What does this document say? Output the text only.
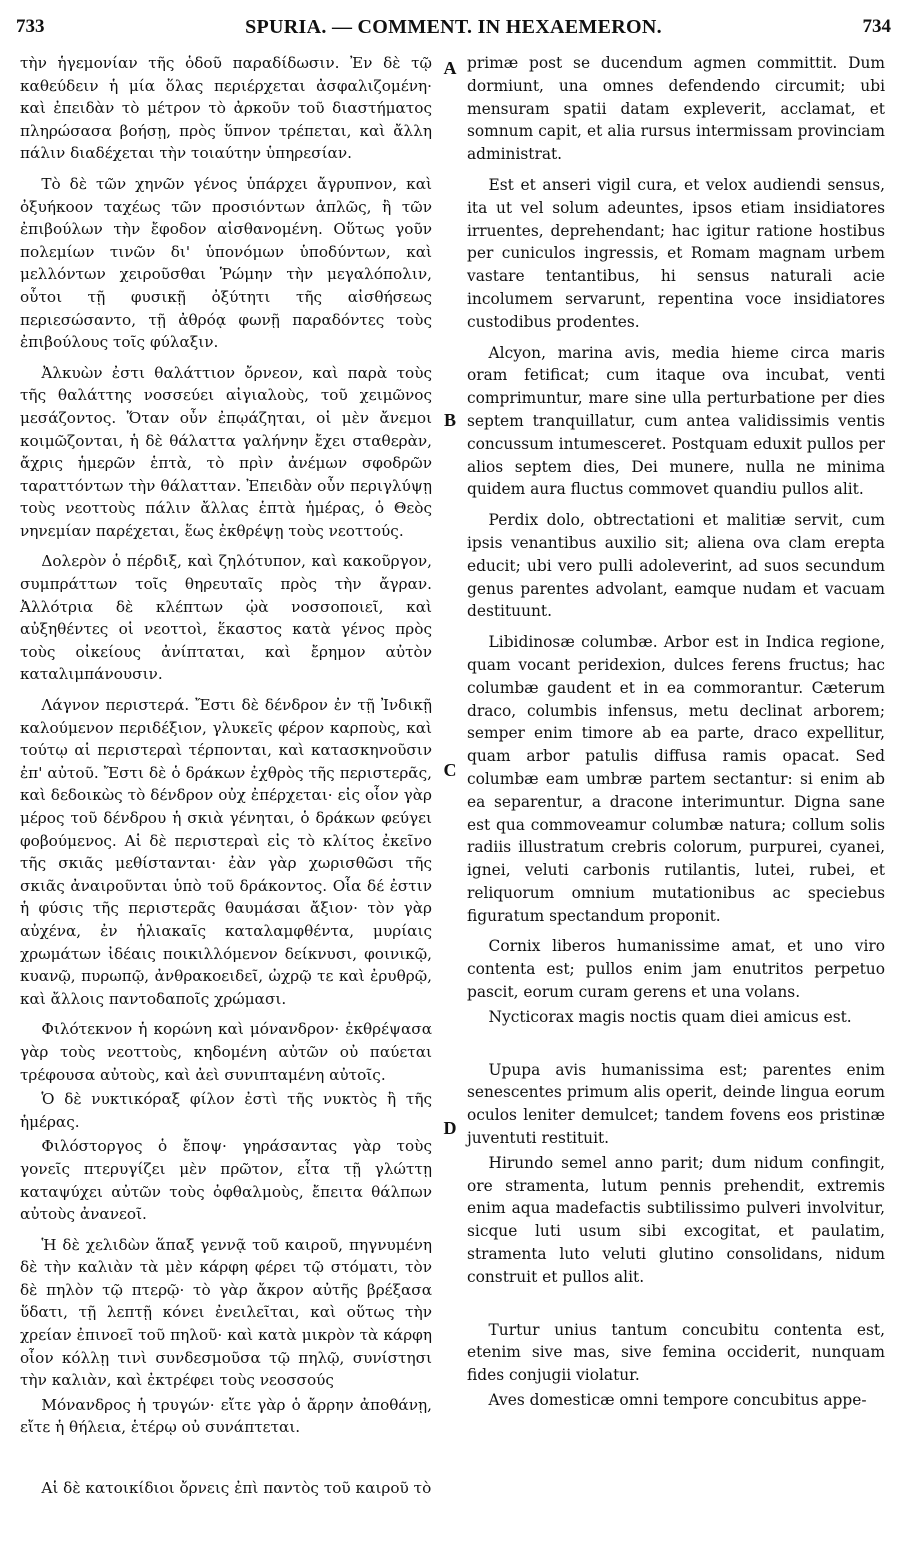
733	SPURIA. — COMMENT. IN HEXAEMERON.	734

τὴν ἡγεμονίαν τῆς ὁδοῦ παραδίδωσιν. Ἐν δὲ τῷ καθεύδειν ἡ μία ὅλας περιέρχεται ἀσφαλιζομένη· καὶ ἐπειδὰν τὸ μέτρον τὸ ἀρκοῦν τοῦ διαστήματος πληρώσασα βοήσῃ, πρὸς ὕπνον τρέπεται, καὶ ἄλλη πάλιν διαδέχεται τὴν τοιαύτην ὑπηρεσίαν.

Τὸ δὲ τῶν χηνῶν γένος ὑπάρχει ἄγρυπνον, καὶ ὀξυήκοον ταχέως τῶν προσιόντων ἁπλῶς, ἢ τῶν ἐπιβούλων τὴν ἔφοδον αἰσθανομένη. Οὕτως γοῦν πολεμίων τινῶν δι' ὑπονόμων ὑποδύντων, καὶ μελλόντων χειροῦσθαι Ῥώμην τὴν μεγαλόπολιν, οὗτοι τῇ φυσικῇ ὀξύτητι τῆς αἰσθήσεως περιεσώσαντο, τῇ ἀθρόᾳ φωνῇ παραδόντες τοὺς ἐπιβούλους τοῖς φύλαξιν.

Ἀλκυὼν ἐστι θαλάττιον ὄρνεον, καὶ παρὰ τοὺς τῆς θαλάττης νοσσεύει αἰγιαλοὺς, τοῦ χειμῶνος μεσάζοντος. Ὅταν οὖν ἐπῳάζηται, οἱ μὲν ἄνεμοι κοιμῶζονται, ἡ δὲ θάλαττα γαλήνην ἔχει σταθερὰν, ἄχρις ἡμερῶν ἑπτὰ, τὸ πρὶν ἀνέμων σφοδρῶν ταραττόντων τὴν θάλατταν. Ἐπειδὰν οὖν περιγλύψῃ τοὺς νεοττοὺς πάλιν ἄλλας ἑπτὰ ἡμέρας, ὁ Θεὸς νηνεμίαν παρέχεται, ἕως ἐκθρέψῃ τοὺς νεοττούς.

Δολερὸν ὁ πέρδιξ, καὶ ζηλότυπον, καὶ κακοῦργον, συμπράττων τοῖς θηρευταῖς πρὸς τὴν ἄγραν. Ἀλλότρια δὲ κλέπτων ᾠὰ νοσσοποιεῖ, καὶ αὐξηθέντες οἱ νεοττοὶ, ἕκαστος κατὰ γένος πρὸς τοὺς οἰκείους ἀνίπταται, καὶ ἔρημον αὐτὸν καταλιμπάνουσιν.

Λάγνον περιστερά. Ἔστι δὲ δένδρον ἐν τῇ Ἰνδικῇ καλούμενον περιδέξιον, γλυκεῖς φέρον καρποὺς, καὶ τούτῳ αἱ περιστεραὶ τέρπονται, καὶ κατασκηνοῦσιν ἐπ' αὐτοῦ. Ἔστι δὲ ὁ δράκων ἐχθρὸς τῆς περιστερᾶς, καὶ δεδοικὼς τὸ δένδρον οὐχ ἐπέρχεται· εἰς οἷον γὰρ μέρος τοῦ δένδρου ἡ σκιὰ γένηται, ὁ δράκων φεύγει φοβούμενος. Αἱ δὲ περιστεραὶ εἰς τὸ κλίτος ἐκεῖνο τῆς σκιᾶς μεθίστανται· ἐὰν γὰρ χωρισθῶσι τῆς σκιᾶς ἀναιροῦνται ὑπὸ τοῦ δράκοντος. Οἷα δέ ἐστιν ἡ φύσις τῆς περιστερᾶς θαυμάσαι ἄξιον· τὸν γὰρ αὐχένα, ἐν ἡλιακαῖς καταλαμφθέντα, μυρίαις χρωμάτων ἰδέαις ποικιλλόμενον δείκνυσι, φοινικῷ, κυανῷ, πυρωπῷ, ἀνθρακοειδεῖ, ὠχρῷ τε καὶ ἐρυθρῷ, καὶ ἄλλοις παντοδαποῖς χρώμασι.

Φιλότεκνον ἡ κορώνη καὶ μόνανδρον· ἐκθρέψασα γὰρ τοὺς νεοττοὺς, κηδομένη αὐτῶν οὐ παύεται τρέφουσα αὐτοὺς, καὶ ἀεὶ συνιπταμένη αὐτοῖς.

Ὁ δὲ νυκτικόραξ φίλον ἐστὶ τῆς νυκτὸς ἢ τῆς ἡμέρας.

Φιλόστοργος ὁ ἔποψ· γηράσαντας γὰρ τοὺς γονεῖς πτερυγίζει μὲν πρῶτον, εἶτα τῇ γλώττῃ καταψύχει αὐτῶν τοὺς ὀφθαλμοὺς, ἔπειτα θάλπων αὐτοὺς ἀνανεοῖ.

Ἡ δὲ χελιδὼν ἅπαξ γεννᾷ τοῦ καιροῦ, πηγνυμένη δὲ τὴν καλιὰν τὰ μὲν κάρφη φέρει τῷ στόματι, τὸν δὲ πηλὸν τῷ πτερῷ· τὸ γὰρ ἄκρον αὐτῆς βρέξασα ὕδατι, τῇ λεπτῇ κόνει ἐνειλεῖται, καὶ οὕτως τὴν χρείαν ἐπινοεῖ τοῦ πηλοῦ· καὶ κατὰ μικρὸν τὰ κάρφη οἷον κόλλῃ τινὶ συνδεσμοῦσα τῷ πηλῷ, συνίστησι τὴν καλιὰν, καὶ ἐκτρέφει τοὺς νεοσσούς

Μόνανδρος ἡ τρυγών· εἴτε γὰρ ὁ ἄρρην ἀποθάνῃ, εἴτε ἡ θήλεια, ἑτέρῳ οὐ συνάπτεται.

Αἱ δὲ κατοικίδιοι ὄρνεις ἐπὶ παντὸς τοῦ καιροῦ τὸ

A
B
C
D

primæ post se ducendum agmen committit. Dum dormiunt, una omnes defendendo circumit; ubi mensuram spatii datam expleverit, acclamat, et somnum capit, et alia rursus intermissam provinciam administrat.

Est et anseri vigil cura, et velox audiendi sensus, ita ut vel solum adeuntes, ipsos etiam insidiatores irruentes, deprehendant; hac igitur ratione hostibus per cuniculos ingressis, et Romam magnam urbem vastare tentantibus, hi sensus naturali acie incolumem servarunt, repentina voce insidiatores custodibus prodentes.

Alcyon, marina avis, media hieme circa maris oram fetificat; cum itaque ova incubat, venti comprimuntur, mare sine ulla perturbatione per dies septem tranquillatur, cum antea validissimis ventis concussum intumesceret. Postquam eduxit pullos per alios septem dies, Dei munere, nulla ne minima quidem aura fluctus commovet quandiu pullos alit.

Perdix dolo, obtrectationi et malitiæ servit, cum ipsis venantibus auxilio sit; aliena ova clam erepta educit; ubi vero pulli adoleverint, ad suos secundum genus parentes advolant, eamque nudam et vacuam destituunt.

Libidinosæ columbæ. Arbor est in Indica regione, quam vocant peridexion, dulces ferens fructus; hac columbæ gaudent et in ea commorantur. Cæterum draco, columbis infensus, metu declinat arborem; semper enim timore ab ea parte, draco expellitur, quam arbor patulis diffusa ramis opacat. Sed columbæ eam umbræ partem sectantur: si enim ab ea separentur, a dracone interimuntur. Digna sane est qua commoveamur columbæ natura; collum solis radiis illustratum crebris colorum, purpurei, cyanei, ignei, veluti carbonis rutilantis, lutei, rubei, et reliquorum omnium mutationibus ac speciebus figuratum spectandum proponit.

Cornix liberos humanissime amat, et uno viro contenta est; pullos enim jam enutritos perpetuo pascit, eorum curam gerens et una volans.

Nycticorax magis noctis quam diei amicus est.

Upupa avis humanissima est; parentes enim senescentes primum alis operit, deinde lingua eorum oculos leniter demulcet; tandem fovens eos pristinæ juventuti restituit.

Hirundo semel anno parit; dum nidum confingit, ore stramenta, lutum pennis prehendit, extremis enim aqua madefactis subtilissimo pulveri involvitur, sicque luti usum sibi excogitat, et paulatim, stramenta luto veluti glutino consolidans, nidum construit et pullos alit.

Turtur unius tantum concubitu contenta est, etenim sive mas, sive femina occiderit, nunquam fides conjugii violatur.

Aves domesticæ omni tempore concubitus appe-
